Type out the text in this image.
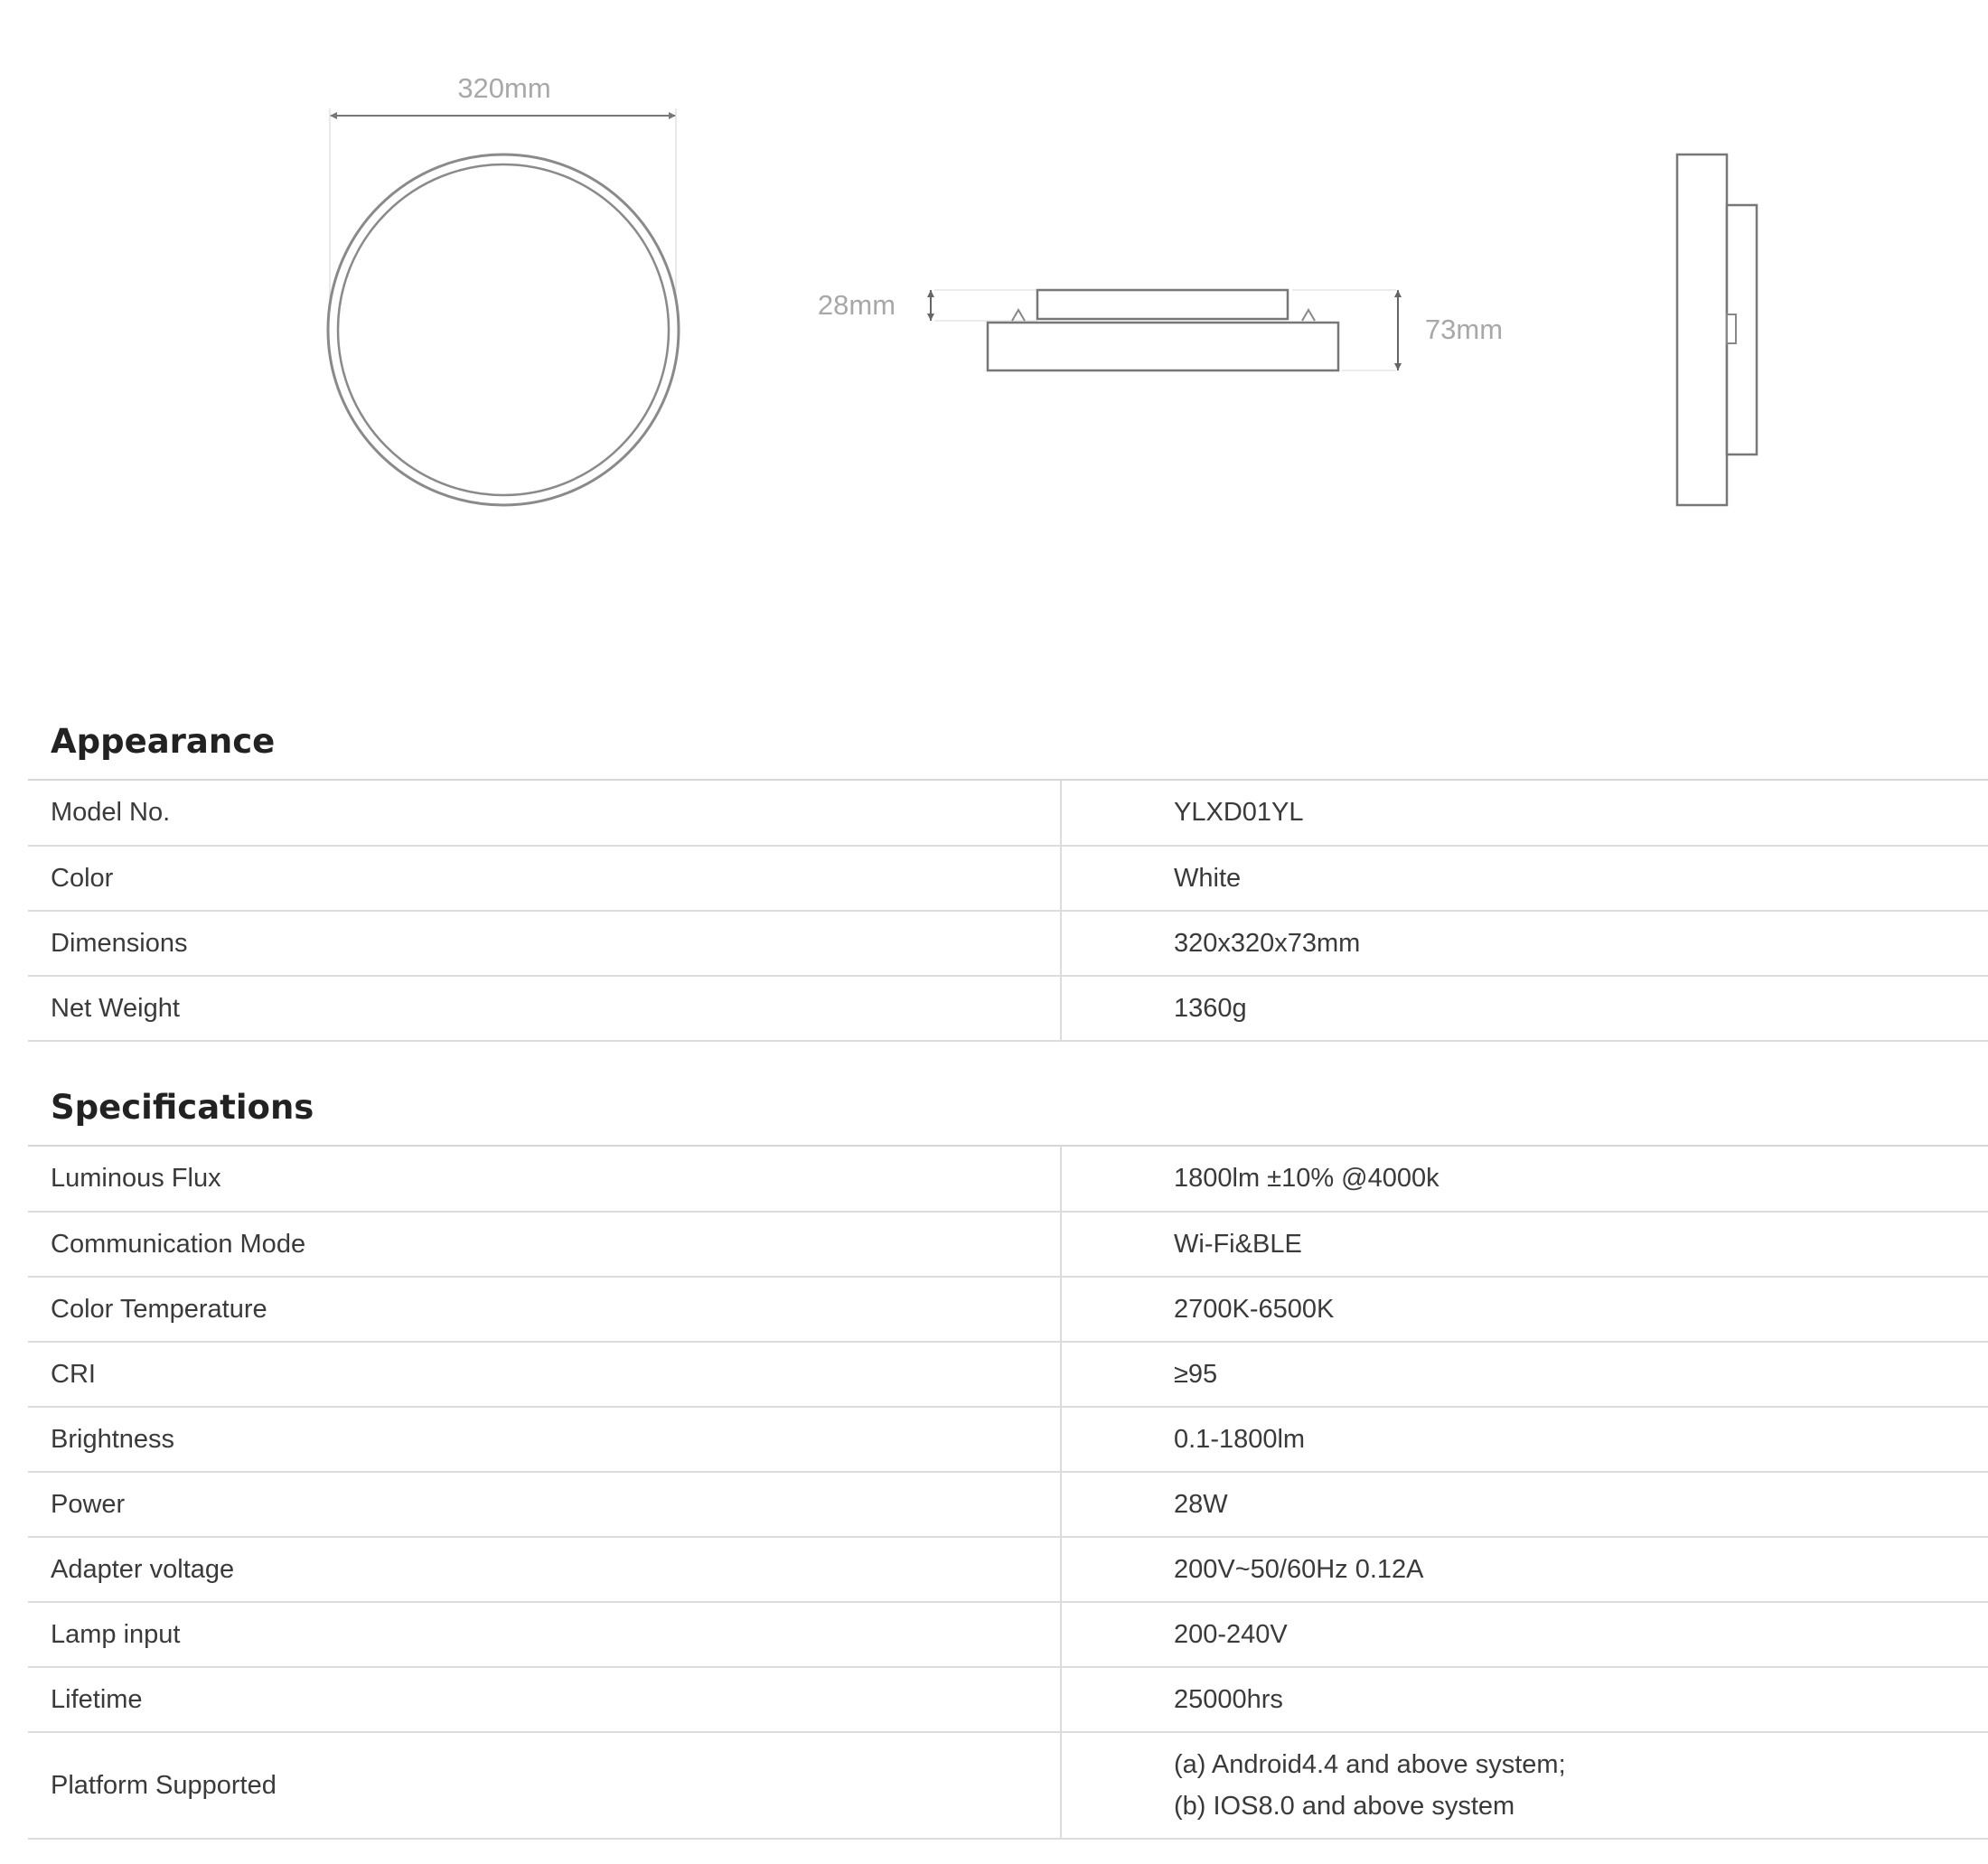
320mm
28mm
73mm
Appearance
Model No.	YLXD01YL
Color	White
Dimensions	320x320x73mm
Net Weight	1360g
Specifications
Luminous Flux	1800lm ±10% @4000k
Communication Mode	Wi-Fi&BLE
Color Temperature	2700K-6500K
CRI	≥95
Brightness	0.1-1800lm
Power	28W
Adapter voltage	200V~50/60Hz 0.12A
Lamp input	200-240V
Lifetime	25000hrs
Platform Supported	(a) Android4.4 and above system;
(b) IOS8.0 and above system
